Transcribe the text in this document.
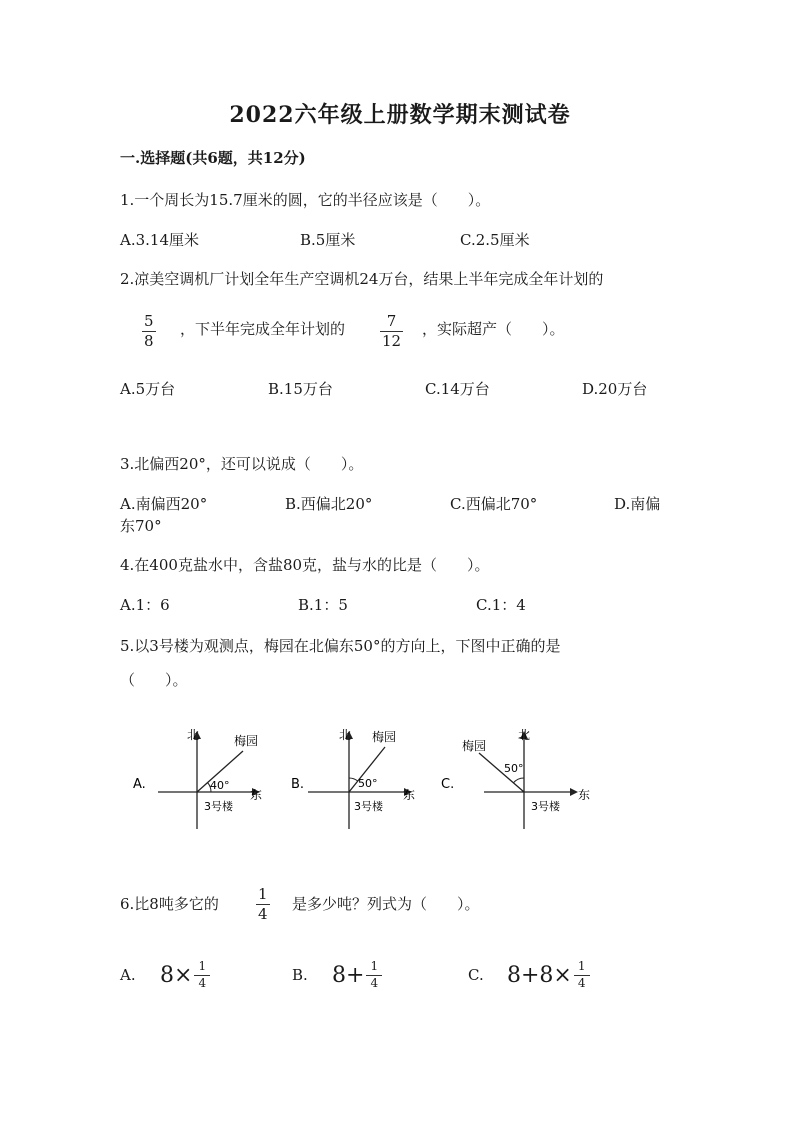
2022六年级上册数学期末测试卷
一.选择题(共6题，共12分)
1.一个周长为15.7厘米的圆，它的半径应该是（　　）。
A.3.14厘米	B.5厘米	C.2.5厘米
2.凉美空调机厂计划全年生产空调机24万台，结果上半年完成全年计划的
5
8
，下半年完成全年计划的	7
12
，实际超产（　　）。
A.5万台	B.15万台	C.14万台	D.20万台
3.北偏西20°，还可以说成（　　）。
A.南偏西20°	B.西偏北20°	C.西偏北70°	D.南偏
东70°
4.在400克盐水中，含盐80克，盐与水的比是（　　）。
A.1：6	B.1：5	C.1：4
5.以3号楼为观测点，梅园在北偏东50°的方向上，下图中正确的是
（　　）。
A.
北	梅园
40°
东
3号楼
B.
北 梅园
50°
东
3号楼
C.
北
梅园
50°
东
3号楼
6.比8吨多它的
1
4
是多少吨？列式为（　　）。
A. $8\times \frac{1}{4}$	B. $8+ \frac{1}{4}$	C. $8+8\times \frac{1}{4}$
